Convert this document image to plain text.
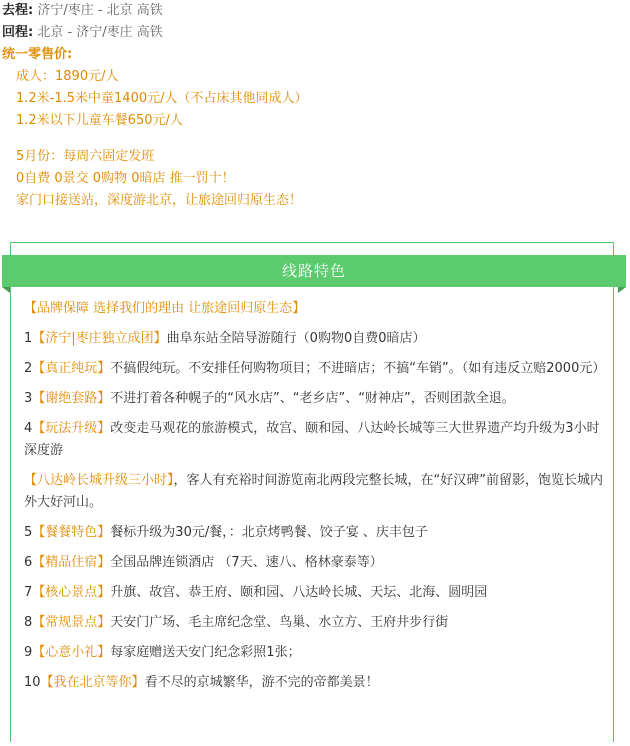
去程: 济宁/枣庄 - 北京 高铁
回程: 北京 - 济宁/枣庄 高铁
统一零售价:
成人：1890元/人
1.2米-1.5米中童1400元/人（不占床其他同成人）
1.2米以下儿童车餐650元/人
5月份：每周六固定发班
0自费 0景交 0购物 0暗店 推一罚十！
家门口接送站，深度游北京，让旅途回归原生态！
线路特色
【品牌保障 选择我们的理由 让旅途回归原生态】
1【济宁|枣庄独立成团】曲阜东站全陪导游随行（0购物0自费0暗店）
2【真正纯玩】不搞假纯玩。不安排任何购物项目；不进暗店；不搞“车销”。（如有违反立赔2000元）
3【谢绝套路】不进打着各种幌子的“风水店”、“老乡店”、“财神店”，否则团款全退。
4【玩法升级】改变走马观花的旅游模式，故宫、颐和园、八达岭长城等三大世界遗产均升级为3小时深度游
【八达岭长城升级三小时】，客人有充裕时间游览南北两段完整长城，在“好汉碑”前留影，饱览长城内外大好河山。
5【餐餐特色】餐标升级为30元/餐，：北京烤鸭餐、饺子宴 、庆丰包子
6【精品住宿】全国品牌连锁酒店 （7天、速八、格林豪泰等）
7【核心景点】升旗、故宫、恭王府、颐和园、八达岭长城、天坛、北海、圆明园
8【常规景点】天安门广场、毛主席纪念堂、鸟巢、水立方、王府井步行街
9【心意小礼】每家庭赠送天安门纪念彩照1张；
10【我在北京等你】看不尽的京城繁华，游不完的帝都美景！
